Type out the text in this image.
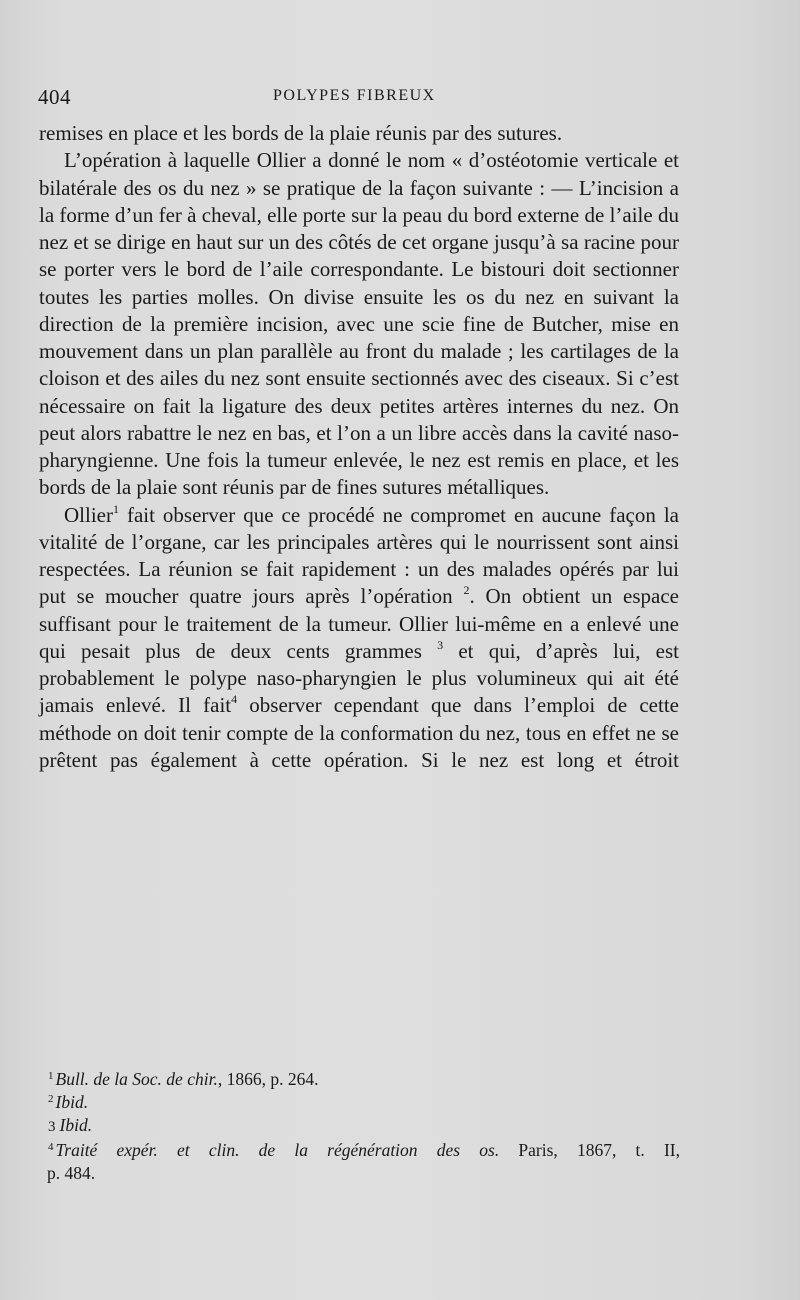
404	POLYPES FIBREUX

remises en place et les bords de la plaie réunis par des sutures.

L’opération à laquelle Ollier a donné le nom « d’ostéotomie verticale et bilatérale des os du nez » se pratique de la façon suivante : — L’incision a la forme d’un fer à cheval, elle porte sur la peau du bord externe de l’aile du nez et se dirige en haut sur un des côtés de cet organe jusqu’à sa racine pour se porter vers le bord de l’aile correspondante. Le bistouri doit sectionner toutes les parties molles. On divise ensuite les os du nez en suivant la direction de la première incision, avec une scie fine de Butcher, mise en mouvement dans un plan parallèle au front du malade ; les cartilages de la cloison et des ailes du nez sont ensuite sectionnés avec des ciseaux. Si c’est nécessaire on fait la ligature des deux petites artères internes du nez. On peut alors rabattre le nez en bas, et l’on a un libre accès dans la cavité naso-pharyngienne. Une fois la tumeur enlevée, le nez est remis en place, et les bords de la plaie sont réunis par de fines sutures métalliques.

Ollier$^1$ fait observer que ce procédé ne compromet en aucune façon la vitalité de l’organe, car les principales artères qui le nourrissent sont ainsi respectées. La réunion se fait rapidement : un des malades opérés par lui put se moucher quatre jours après l’opération $^2$. On obtient un espace suffisant pour le traitement de la tumeur. Ollier lui-même en a enlevé une qui pesait plus de deux cents grammes $^3$ et qui, d’après lui, est probablement le polype naso-pharyngien le plus volumineux qui ait été jamais enlevé. Il fait$^4$ observer cependant que dans l’emploi de cette méthode on doit tenir compte de la conformation du nez, tous en effet ne se prêtent pas également à cette opération. Si le nez est long et étroit

$^1$ Bull. de la Soc. de chir., 1866, p. 264.

$^2$ Ibid.

3 Ibid.

$^4$ Traité expér. et clin. de la régénération des os. Paris, 1867, t. II,

p. 484.
